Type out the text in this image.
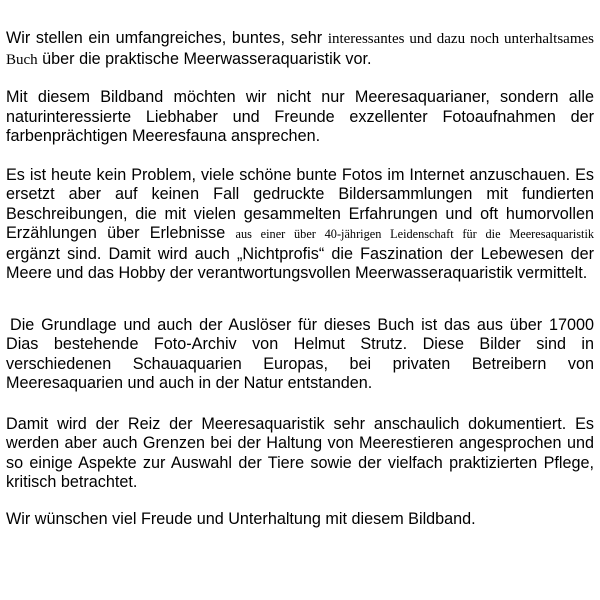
Wir stellen ein umfangreiches, buntes, sehr interessantes und dazu noch unterhaltsames Buch über die praktische Meerwasseraquaristik vor.

Mit diesem Bildband möchten wir nicht nur Meeresaquarianer, sondern alle naturinteressierte Liebhaber und Freunde exzellenter Fotoaufnahmen der farbenprächtigen Meeresfauna ansprechen.

Es ist heute kein Problem, viele schöne bunte Fotos im Internet anzuschauen. Es ersetzt aber auf keinen Fall gedruckte Bildersammlungen mit fundierten Beschreibungen, die mit vielen gesammelten Erfahrungen und oft humorvollen Erzählungen über Erlebnisse aus einer über 40-jährigen Leidenschaft für die Meeresaquaristik ergänzt sind. Damit wird auch „Nichtprofis“ die Faszination der Lebewesen der Meere und das Hobby der verantwortungsvollen Meerwasseraquaristik vermittelt.

Die Grundlage und auch der Auslöser für dieses Buch ist das aus über 17000 Dias bestehende Foto-Archiv von Helmut Strutz. Diese Bilder sind in verschiedenen Schauaquarien Europas, bei privaten Betreibern von Meeresaquarien und auch in der Natur entstanden.

Damit wird der Reiz der Meeresaquaristik sehr anschaulich dokumentiert. Es werden aber auch Grenzen bei der Haltung von Meerestieren angesprochen und so einige Aspekte zur Auswahl der Tiere sowie der vielfach praktizierten Pflege, kritisch betrachtet.

Wir wünschen viel Freude und Unterhaltung mit diesem Bildband.
